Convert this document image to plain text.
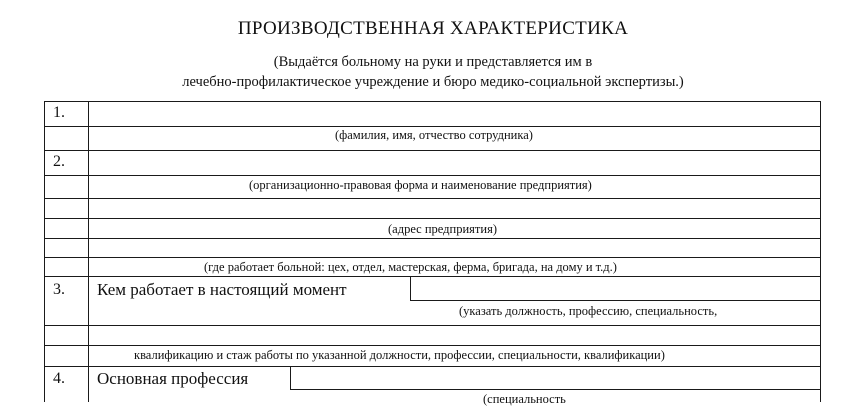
ПРОИЗВОДСТВЕННАЯ ХАРАКТЕРИСТИКА
(Выдаётся больному на руки и представляется им в
лечебно-профилактическое учреждение и бюро медико-социальной экспертизы.)
1.
(фамилия, имя, отчество сотрудника)
2.
(организационно-правовая форма и наименование предприятия)
(адрес предприятия)
(где работает больной: цех, отдел, мастерская, ферма, бригада, на дому и т.д.)
3. Кем работает в настоящий момент
(указать должность, профессию, специальность,
квалификацию и стаж работы по указанной должности, профессии, специальности, квалификации)
4. Основная профессия
(специальность
